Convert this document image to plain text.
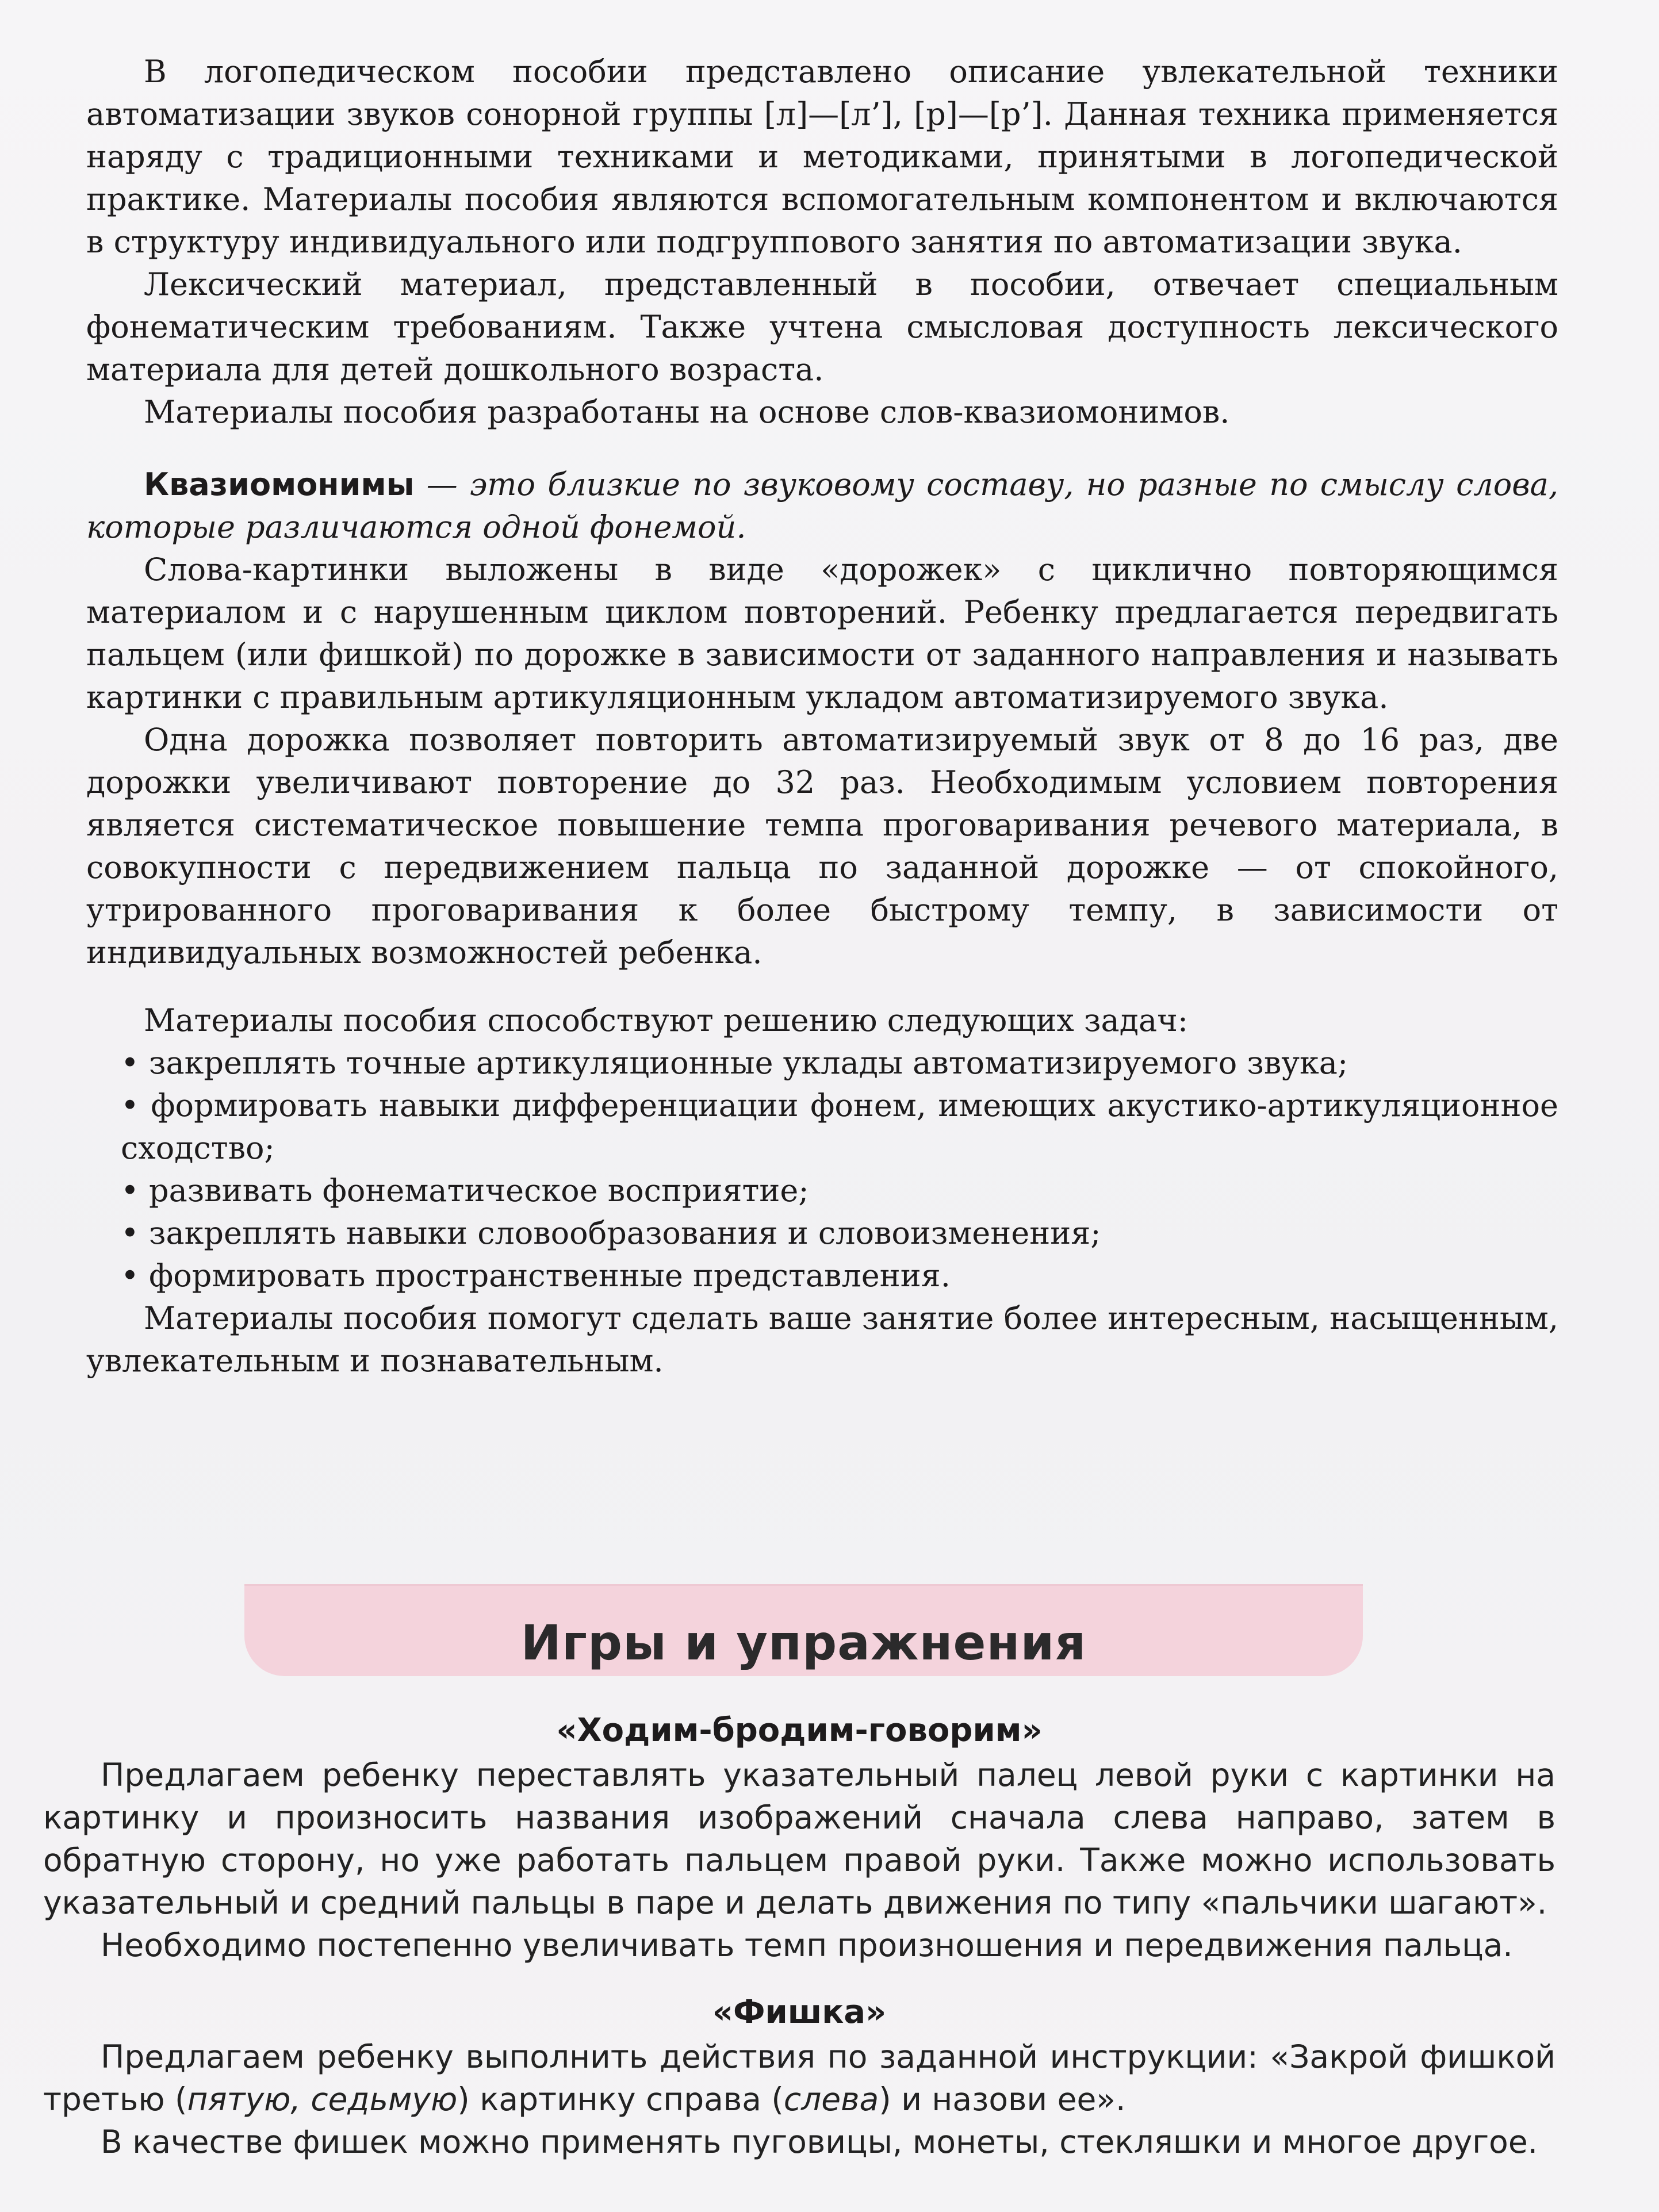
В логопедическом пособии представлено описание увлекательной техники автоматизации звуков сонорной группы [л]—[л’], [р]—[р’]. Данная техника применяется наряду с традиционными техниками и методиками, принятыми в логопедической практике. Материалы пособия являются вспомогательным компонентом и включаются в структуру индивидуального или подгруппового занятия по автоматизации звука.

Лексический материал, представленный в пособии, отвечает специальным фонематическим требованиям. Также учтена смысловая доступность лексического материала для детей дошкольного возраста.

Материалы пособия разработаны на основе слов-квазиомонимов.

Квазиомонимы — это близкие по звуковому составу, но разные по смыслу слова, которые различаются одной фонемой.

Слова-картинки выложены в виде «дорожек» с циклично повторяющимся материалом и с нарушенным циклом повторений. Ребенку предлагается передвигать пальцем (или фишкой) по дорожке в зависимости от заданного направления и называть картинки с правильным артикуляционным укладом автоматизируемого звука.

Одна дорожка позволяет повторить автоматизируемый звук от 8 до 16 раз, две дорожки увеличивают повторение до 32 раз. Необходимым условием повторения является систематическое повышение темпа проговаривания речевого материала, в совокупности с передвижением пальца по заданной дорожке — от спокойного, утрированного проговаривания к более быстрому темпу, в зависимости от индивидуальных возможностей ребенка.

Материалы пособия способствуют решению следующих задач:

• закреплять точные артикуляционные уклады автоматизируемого звука;

• формировать навыки дифференциации фонем, имеющих акустико-артикуляционное сходство;

• развивать фонематическое восприятие;

• закреплять навыки словообразования и словоизменения;

• формировать пространственные представления.

Материалы пособия помогут сделать ваше занятие более интересным, насыщенным, увлекательным и познавательным.

Игры и упражнения

«Ходим-бродим-говорим»

Предлагаем ребенку переставлять указательный палец левой руки с картинки на картинку и произносить названия изображений сначала слева направо, затем в обратную сторону, но уже работать пальцем правой руки. Также можно использовать указательный и средний пальцы в паре и делать движения по типу «пальчики шагают».

Необходимо постепенно увеличивать темп произношения и передвижения пальца.

«Фишка»

Предлагаем ребенку выполнить действия по заданной инструкции: «Закрой фишкой третью (пятую, седьмую) картинку справа (слева) и назови ее».

В качестве фишек можно применять пуговицы, монеты, стекляшки и многое другое.
